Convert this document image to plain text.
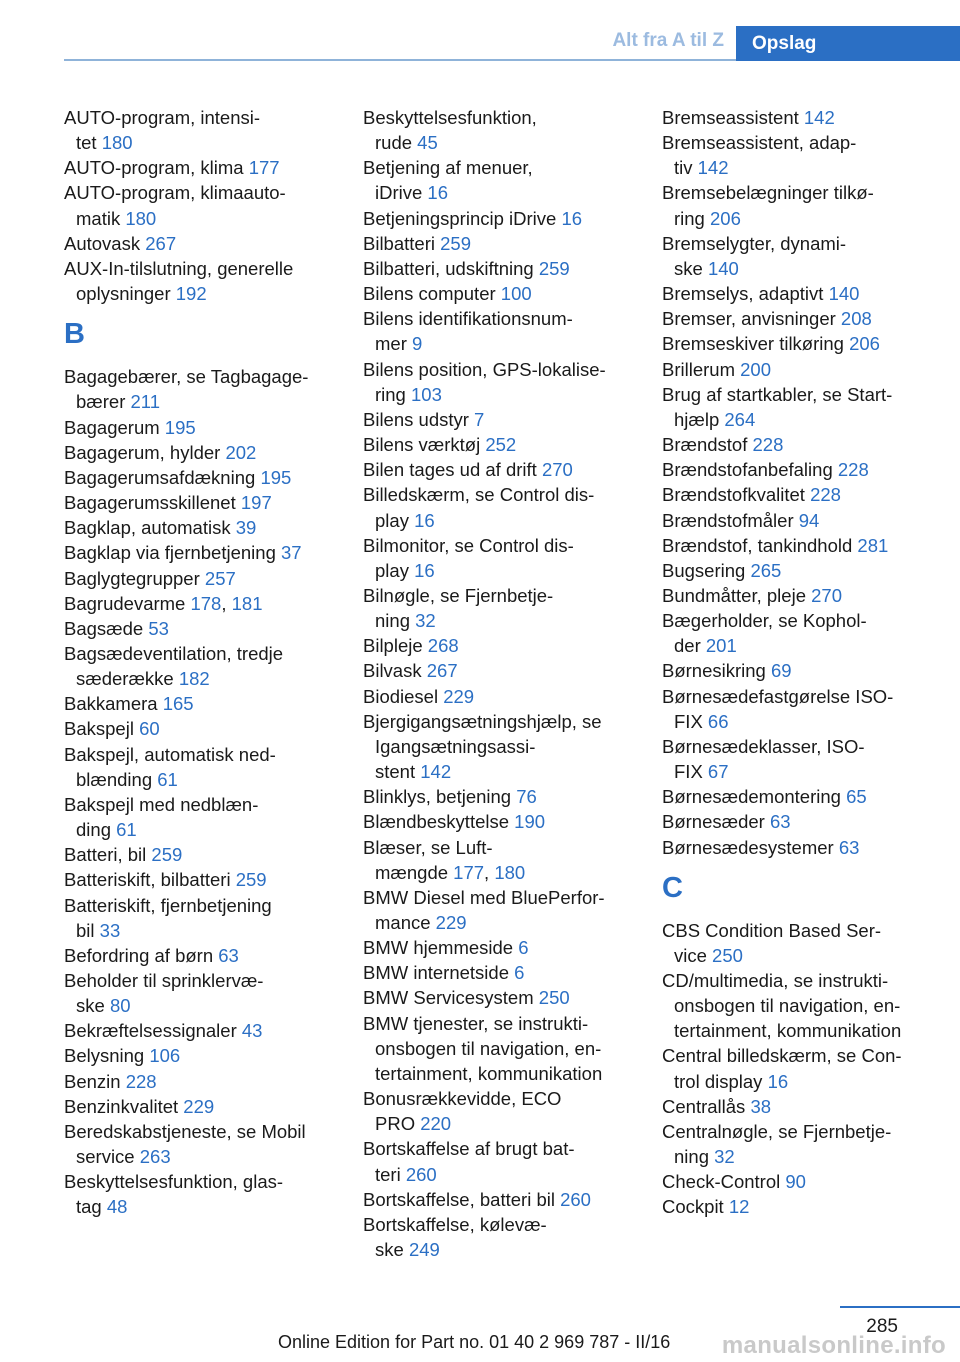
Alt fra A til Z	Opslag
AUTO-program, intensi-
tet 180
AUTO-program, klima 177
AUTO-program, klimaauto-
matik 180
Autovask 267
AUX-In-tilslutning, generelle
oplysninger 192
B
Bagagebærer, se Tagbagage-
bærer 211
Bagagerum 195
Bagagerum, hylder 202
Bagagerumsafdækning 195
Bagagerumsskillenet 197
Bagklap, automatisk 39
Bagklap via fjernbetjening 37
Baglygtegrupper 257
Bagrudevarme 178, 181
Bagsæde 53
Bagsædeventilation, tredje
sæderække 182
Bakkamera 165
Bakspejl 60
Bakspejl, automatisk ned-
blænding 61
Bakspejl med nedblæn-
ding 61
Batteri, bil 259
Batteriskift, bilbatteri 259
Batteriskift, fjernbetjening
bil 33
Befordring af børn 63
Beholder til sprinklervæ-
ske 80
Bekræftelsessignaler 43
Belysning 106
Benzin 228
Benzinkvalitet 229
Beredskabstjeneste, se Mobil
service 263
Beskyttelsesfunktion, glas-
tag 48
Beskyttelsesfunktion,
rude 45
Betjening af menuer,
iDrive 16
Betjeningsprincip iDrive 16
Bilbatteri 259
Bilbatteri, udskiftning 259
Bilens computer 100
Bilens identifikationsnum-
mer 9
Bilens position, GPS-lokalise-
ring 103
Bilens udstyr 7
Bilens værktøj 252
Bilen tages ud af drift 270
Billedskærm, se Control dis-
play 16
Bilmonitor, se Control dis-
play 16
Bilnøgle, se Fjernbetje-
ning 32
Bilpleje 268
Bilvask 267
Biodiesel 229
Bjergigangsætningshjælp, se
Igangsætningsassi-
stent 142
Blinklys, betjening 76
Blændbeskyttelse 190
Blæser, se Luft-
mængde 177, 180
BMW Diesel med BluePerfor-
mance 229
BMW hjemmeside 6
BMW internetside 6
BMW Servicesystem 250
BMW tjenester, se instrukti-
onsbogen til navigation, en-
tertainment, kommunikation
Bonusrækkevidde, ECO
PRO 220
Bortskaffelse af brugt bat-
teri 260
Bortskaffelse, batteri bil 260
Bortskaffelse, kølevæ-
ske 249
Bremseassistent 142
Bremseassistent, adap-
tiv 142
Bremsebelægninger tilkø-
ring 206
Bremselygter, dynami-
ske 140
Bremselys, adaptivt 140
Bremser, anvisninger 208
Bremseskiver tilkøring 206
Brillerum 200
Brug af startkabler, se Start-
hjælp 264
Brændstof 228
Brændstofanbefaling 228
Brændstofkvalitet 228
Brændstofmåler 94
Brændstof, tankindhold 281
Bugsering 265
Bundmåtter, pleje 270
Bægerholder, se Kophol-
der 201
Børnesikring 69
Børnesædefastgørelse ISO-
FIX 66
Børnesædeklasser, ISO-
FIX 67
Børnesædemontering 65
Børnesæder 63
Børnesædesystemer 63
C
CBS Condition Based Ser-
vice 250
CD/multimedia, se instrukti-
onsbogen til navigation, en-
tertainment, kommunikation
Central billedskærm, se Con-
trol display 16
Centrallås 38
Centralnøgle, se Fjernbetje-
ning 32
Check-Control 90
Cockpit 12
285
Online Edition for Part no. 01 40 2 969 787 - II/16 manualsonline.info
